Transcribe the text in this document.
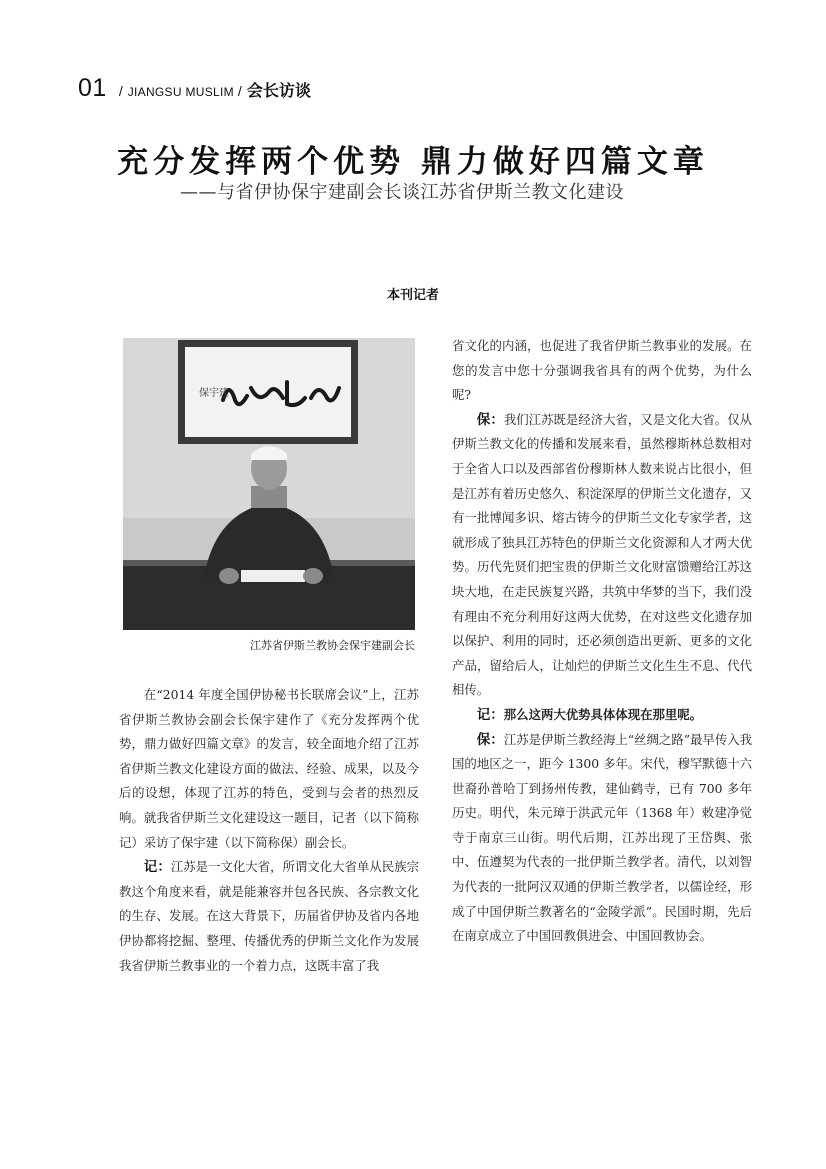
01 / JIANGSU MUSLIM / 会长访谈
充分发挥两个优势 鼎力做好四篇文章
——与省伊协保宇建副会长谈江苏省伊斯兰教文化建设
本刊记者
保宇建
江苏省伊斯兰教协会保宇建副会长

在“2014 年度全国伊协秘书长联席会议”上，江苏省伊斯兰教协会副会长保宇建作了《充分发挥两个优势，鼎力做好四篇文章》的发言，较全面地介绍了江苏省伊斯兰教文化建设方面的做法、经验、成果，以及今后的设想，体现了江苏的特色，受到与会者的热烈反响。就我省伊斯兰文化建设这一题目，记者（以下简称记）采访了保宇建（以下简称保）副会长。

记：江苏是一文化大省，所谓文化大省单从民族宗教这个角度来看，就是能兼容并包各民族、各宗教文化的生存、发展。在这大背景下，历届省伊协及省内各地伊协都将挖掘、整理、传播优秀的伊斯兰文化作为发展我省伊斯兰教事业的一个着力点，这既丰富了我

省文化的内涵，也促进了我省伊斯兰教事业的发展。在您的发言中您十分强调我省具有的两个优势，为什么呢?

保：我们江苏既是经济大省，又是文化大省。仅从伊斯兰教文化的传播和发展来看，虽然穆斯林总数相对于全省人口以及西部省份穆斯林人数来说占比很小，但是江苏有着历史悠久、积淀深厚的伊斯兰文化遗存，又有一批博闻多识、熔古铸今的伊斯兰文化专家学者，这就形成了独具江苏特色的伊斯兰文化资源和人才两大优势。历代先贤们把宝贵的伊斯兰文化财富馈赠给江苏这块大地，在走民族复兴路，共筑中华梦的当下，我们没有理由不充分利用好这两大优势，在对这些文化遗存加以保护、利用的同时，还必须创造出更新、更多的文化产品，留给后人，让灿烂的伊斯兰文化生生不息、代代相传。

记：那么这两大优势具体体现在那里呢。

保：江苏是伊斯兰教经海上“丝绸之路”最早传入我国的地区之一，距今 1300 多年。宋代，穆罕默德十六世裔孙普哈丁到扬州传教，建仙鹤寺，已有 700 多年历史。明代，朱元璋于洪武元年（1368 年）敕建净觉寺于南京三山街。明代后期，江苏出现了王岱舆、张中、伍遵契为代表的一批伊斯兰教学者。清代，以刘智为代表的一批阿汉双通的伊斯兰教学者，以儒诠经，形成了中国伊斯兰教著名的“金陵学派”。民国时期，先后在南京成立了中国回教俱进会、中国回教协会。
